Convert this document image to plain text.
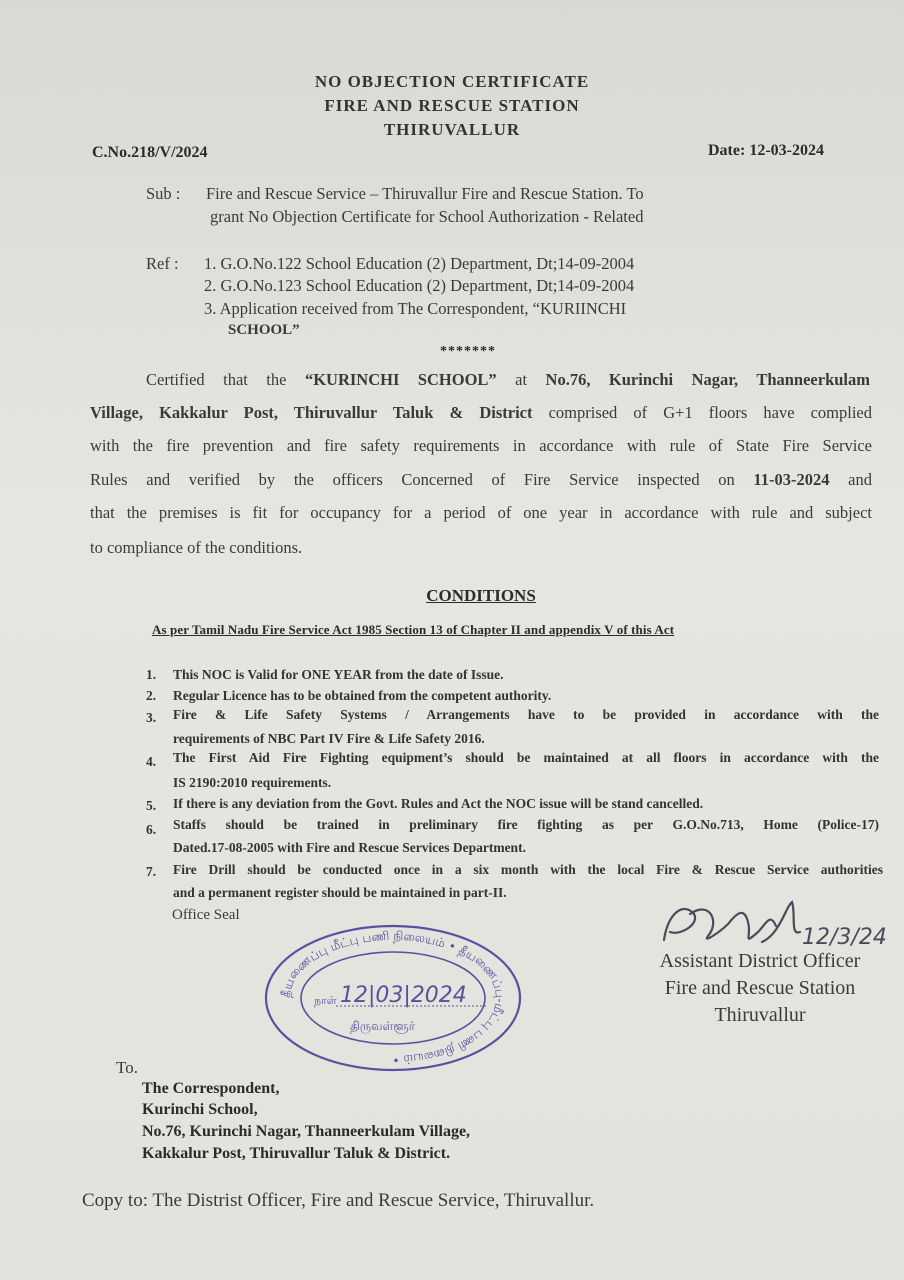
NO OBJECTION CERTIFICATE
FIRE AND RESCUE STATION
THIRUVALLUR
C.No.218/V/2024	Date: 12-03-2024
Sub : Fire and Rescue Service – Thiruvallur Fire and Rescue Station. To
grant No Objection Certificate for School Authorization - Related
Ref : 1. G.O.No.122 School Education (2) Department, Dt;14-09-2004
2. G.O.No.123 School Education (2) Department, Dt;14-09-2004
3. Application received from The Correspondent, “KURIINCHI
SCHOOL”
*******
Certified that the “KURINCHI SCHOOL” at No.76, Kurinchi Nagar, Thanneerkulam
Village, Kakkalur Post, Thiruvallur Taluk & District comprised of G+1 floors have complied
with the fire prevention and fire safety requirements in accordance with rule of State Fire Service
Rules and verified by the officers Concerned of Fire Service inspected on 11-03-2024 and
that the premises is fit for occupancy for a period of one year in accordance with rule and subject
to compliance of the conditions.
CONDITIONS
As per Tamil Nadu Fire Service Act 1985 Section 13 of Chapter II and appendix V of this Act
1. This NOC is Valid for ONE YEAR from the date of Issue.
2. Regular Licence has to be obtained from the competent authority.
3. Fire & Life Safety Systems / Arrangements have to be provided in accordance with the
requirements of NBC Part IV Fire & Life Safety 2016.
4. The First Aid Fire Fighting equipment’s should be maintained at all floors in accordance with the
IS 2190:2010 requirements.
5. If there is any deviation from the Govt. Rules and Act the NOC issue will be stand cancelled.
6. Staffs should be trained in preliminary fire fighting as per G.O.No.713, Home (Police-17)
Dated.17-08-2005 with Fire and Rescue Services Department.
7. Fire Drill should be conducted once in a six month with the local Fire & Rescue Service authorities
and a permanent register should be maintained in part-II.
Office Seal
தீயணைப்பு மீட்பு பணி நிலையம் • தீயணைப்பு-மீட்பு பணி நிலையம் •
நாள் 12|03|2024
திருவள்ளூர்
12/3/24
Assistant District Officer
Fire and Rescue Station
Thiruvallur
To.
The Correspondent,
Kurinchi School,
No.76, Kurinchi Nagar, Thanneerkulam Village,
Kakkalur Post, Thiruvallur Taluk & District.
Copy to: The Distrist Officer, Fire and Rescue Service, Thiruvallur.
